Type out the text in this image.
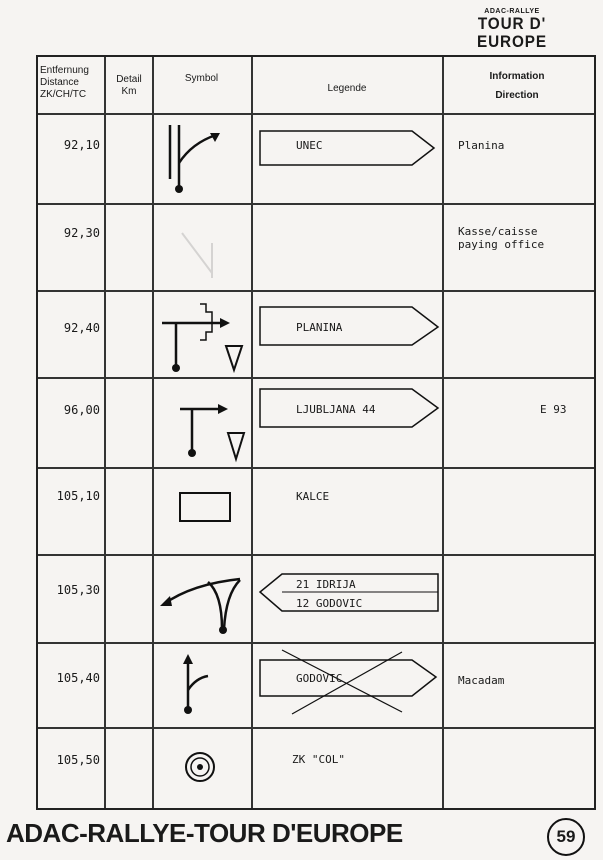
ADAC-RALLYE
TOUR D' EUROPE
Entfernung
Distance
ZK/CH/TC
Detail
Km
Symbol
Legende
Information
Direction
92,10
92,30
92,40
96,00
105,10
105,30
105,40
105,50
Planina
Kasse/caisse
paying office
E 93
Macadam
UNEC
PLANINA
LJUBLJANA 44
KALCE
21 IDRIJA
12 GODOVIC
GODOVIC
ZK "COL"
ADAC-RALLYE-TOUR D'EUROPE	59
